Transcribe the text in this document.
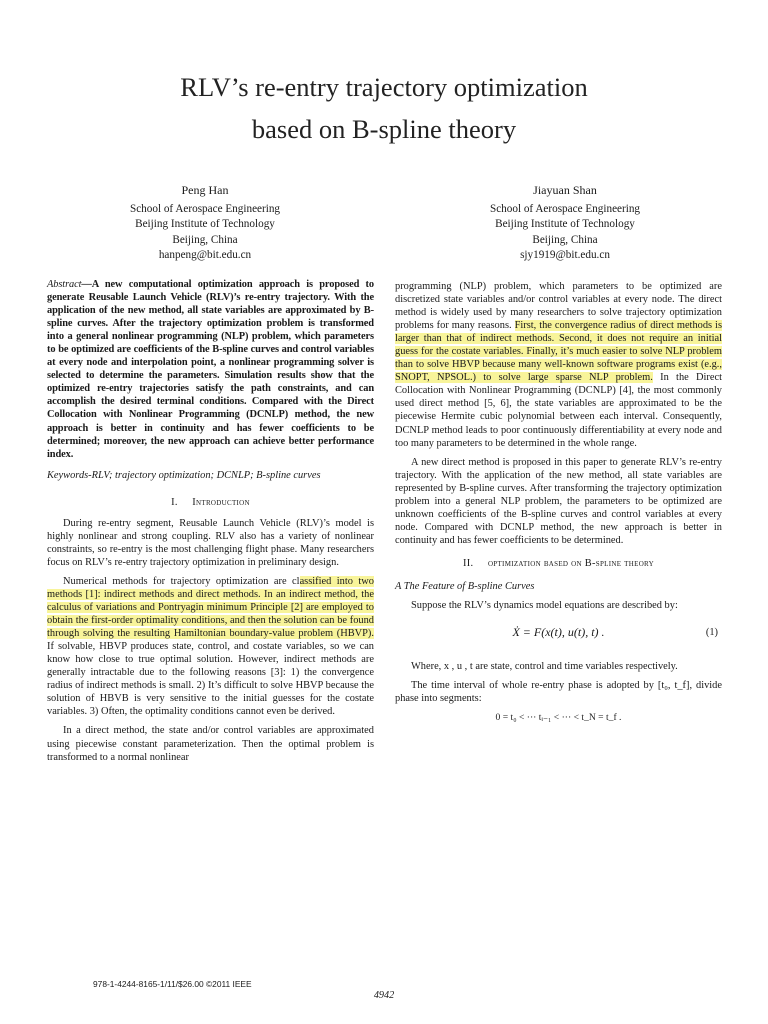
RLV’s re-entry trajectory optimization
based on B-spline theory
Peng Han
School of Aerospace Engineering
Beijing Institute of Technology
Beijing, China
hanpeng@bit.edu.cn
Jiayuan Shan
School of Aerospace Engineering
Beijing Institute of Technology
Beijing, China
sjy1919@bit.edu.cn

Abstract—A new computational optimization approach is proposed to generate Reusable Launch Vehicle (RLV)’s re-entry trajectory. With the application of the new method, all state variables are approximated by B-spline curves. After the trajectory optimization problem is transformed into a general nonlinear programming (NLP) problem, which parameters to be optimized are coefficients of the B-spline curves and control variables at every node and interpolation point, a nonlinear programming solver is selected to determine the parameters. Simulation results show that the optimized re-entry trajectories satisfy the path constraints, and can accomplish the desired terminal conditions. Compared with the Direct Collocation with Nonlinear Programming (DCNLP) method, the new approach is better in continuity and has fewer coefficients to be determined; moreover, the new approach can achieve better performance index.

Keywords-RLV; trajectory optimization; DCNLP; B-spline curves

I. Introduction

During re-entry segment, Reusable Launch Vehicle (RLV)’s model is highly nonlinear and strong coupling. RLV also has a variety of nonlinear constraints, so re-entry is the most challenging flight phase. Many researchers focus on RLV’s re-entry trajectory optimization in preliminary design.

Numerical methods for trajectory optimization are classified into two methods [1]: indirect methods and direct methods. In an indirect method, the calculus of variations and Pontryagin minimum Principle [2] are employed to obtain the first-order optimality conditions, and then the solution can be found through solving the resulting Hamiltonian boundary-value problem (HBVP). If solvable, HBVP produces state, control, and costate variables, so we can know how close to true optimal solution. However, indirect methods are generally intractable due to the following reasons [3]: 1) the convergence radius of indirect methods is small. 2) It’s difficult to solve HBVP because the solution of HBVB is very sensitive to the initial guesses for the costate variables. 3) Often, the optimality conditions cannot even be derived.

In a direct method, the state and/or control variables are approximated using piecewise constant parameterization. Then the optimal problem is transformed to a normal nonlinear

programming (NLP) problem, which parameters to be optimized are discretized state variables and/or control variables at every node. The direct method is widely used by many researchers to solve trajectory optimization problems for many reasons. First, the convergence radius of direct methods is larger than that of indirect methods. Second, it does not require an initial guess for the costate variables. Finally, it’s much easier to solve NLP problem than to solve HBVP because many well-known software programs exist (e.g., SNOPT, NPSOL.) to solve large sparse NLP problem. In the Direct Collocation with Nonlinear Programming (DCNLP) [4], the most commonly used direct method [5, 6], the state variables are approximated to be the piecewise Hermite cubic polynomial between each interval. Consequently, DCNLP method leads to poor continuously differentiability at every node and too many parameters to be determined in the whole range.

A new direct method is proposed in this paper to generate RLV’s re-entry trajectory. With the application of the new method, all state variables are represented by B-spline curves. After transforming the trajectory optimization problem into a general NLP problem, the parameters to be optimized are unknown coefficients of the B-spline curves and control variables at every node. Compared with DCNLP method, the new approach is better in continuity and has fewer coefficients to be determined.

II. optimization based on B-spline theory
A The Feature of B-spline Curves

Suppose the RLV’s dynamics model equations are described by:

Ẋ = F(x(t), u(t), t) .	(1)

Where, x , u , t are state, control and time variables respectively.

The time interval of whole re-entry phase is adopted by [t₀, t_f], divide phase into segments:

0 = t₀ < ··· tᵢ₋₁ < ··· < t_N = t_f .
978-1-4244-8165-1/11/$26.00 ©2011 IEEE
4942
